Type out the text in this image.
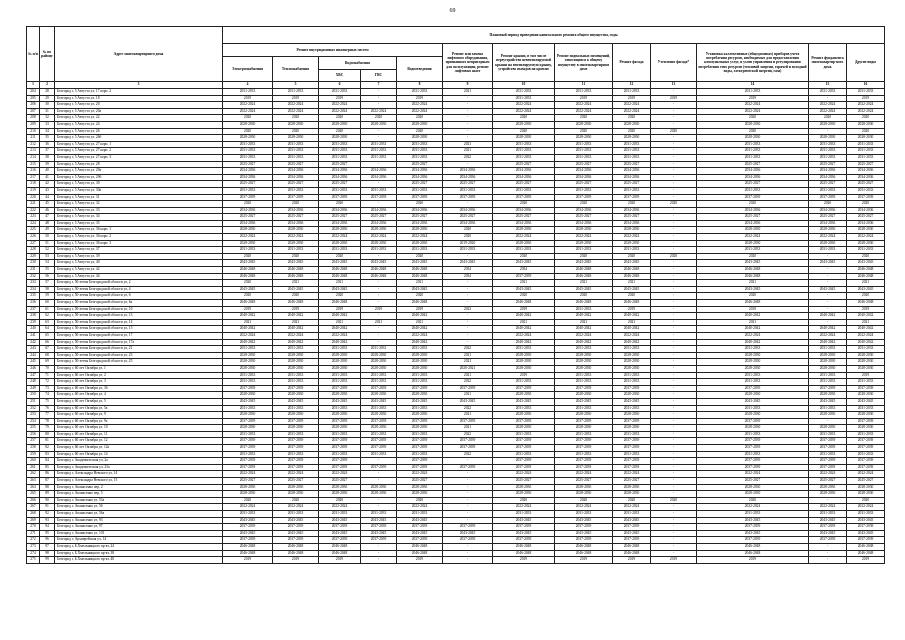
69
№ п/п	№ по району	Адрес многоквартирного дома	Плановый период проведения капитального ремонта общего имущества, годы												
			Ремонт внутридомовых инженерных систем					Ремонт или замена лифтового оборудования, признанного непригодным для эксплуатации, ремонт лифтовых шахт	Ремонт крыши, в том числе переустройство невентилируемой крыши на вентилируемую крышу, устройство выходов на кровлю	Ремонт подвальных помещений, относящихся к общему имуществу в многоквартирном доме	Ремонт фасада	Утепление фасада*	Установка коллективных (общедомовых) приборов учета потребления ресурсов, необходимых для предоставления коммунальных услуг, и узлов управления и регулирования потребления этих ресурсов (тепловой энергии, горячей и холодной воды, электрической энергии, газа)	Ремонт фундамента многоквартир-ного дома	Другие виды
			Электроснабжения	Теплоснабжения	Водоснабжения		Водоотведения								
					ХВС	ГВС									
1	2	3	4	5	6	7	8	9	10	11	12	13	14	15	16
204	28	Белгород г, 5 Августа ул, 17 корп. 2	2031-2033	2031-2033	2031-2033	-	2031-2033	2021	2031-2033	2031-2033	2031-2033	-	2031-2033	2031-2033	2031-2033
205	29	Белгород г, 5 Августа ул, 18	2019	2019	2019	-	2019	-	2031-2033	2019	2019	2019	2019	-	2019
206	30	Белгород г, 5 Августа ул, 20	2022-2024	2022-2024	2022-2024	-	2022-2024	-	2022-2024	2022-2024	2022-2024	-	2022-2024	2022-2024	2022-2024
207	31	Белгород г, 5 Августа ул, 20а	2022-2024	2022-2024	2022-2024	2022-2024	2022-2024	-	2022-2024	2022-2024	2022-2024	-	2022-2024	2022-2024	2022-2024
208	32	Белгород г, 5 Августа ул, 22	2020	2020	2020	2020	2020	-	2020	2020	2020	-	2020	2020	2020
209	33	Белгород г, 5 Августа ул, 24	2028-2030	2028-2030	2028-2030	2028-2030	2028-2030	-	2028-2030	2028-2030	2028-2030	-	2028-2030	2028-2030	2028-2030
210	34	Белгород г, 5 Августа ул, 26	2020	2020	2020	-	2020	-	2020	2020	2020	2020	2020	-	2020
211	35	Белгород г, 5 Августа ул, 26б	2028-2030	2028-2030	2028-2030	-	2028-2030	-	2028-2030	2028-2030	2028-2030	-	2028-2030	2028-2030	2028-2030
212	36	Белгород г, 5 Августа ул, 27 корп. 1	2031-2033	2031-2033	2031-2033	2031-2033	2031-2033	2021	2031-2033	2031-2033	2031-2033	-	2031-2033	2031-2033	2031-2033
213	37	Белгород г, 5 Августа ул, 27 корп. 2	2031-2033	2031-2033	2031-2033	2031-2033	2031-2033	2021	2031-2033	2031-2033	2031-2033	-	2031-2033	2031-2033	2031-2033
214	38	Белгород г, 5 Августа ул, 27 корп. 3	2031-2033	2031-2033	2031-2033	2031-2033	2031-2033	2022	2031-2033	2031-2033	2031-2033	-	2031-2033	2031-2033	2031-2033
215	39	Белгород г, 5 Августа ул, 28	2025-2027	2025-2027	2025-2027	-	2025-2027	-	2025-2027	2025-2027	2025-2027	-	2025-2027	2025-2027	2025-2027
216	40	Белгород г, 5 Августа ул, 29а	2034-2036	2034-2036	2034-2036	2034-2036	2034-2036	2034-2036	2034-2036	2034-2036	2034-2036	-	2034-2036	2034-2036	2034-2036
217	41	Белгород г, 5 Августа ул, 29б	2034-2036	2034-2036	2034-2036	2034-2036	2034-2036	2034-2036	2034-2036	2034-2036	2034-2036	-	2034-2036	2034-2036	2034-2036
218	42	Белгород г, 5 Августа ул, 30	2025-2027	2025-2027	2025-2027	-	2025-2027	2025-2027	2025-2027	2025-2027	2025-2027	-	2025-2027	2025-2027	2025-2027
219	43	Белгород г, 5 Августа ул, 30а	2031-2033	2031-2033	2031-2033	2031-2033	2031-2033	2031-2033	2031-2033	2031-2033	2031-2033	-	2031-2033	2031-2033	2031-2033
220	44	Белгород г, 5 Августа ул, 31	2037-2039	2037-2039	2037-2039	2037-2039	2037-2039	2037-2039	2037-2039	2037-2039	2037-2039	-	2037-2039	2037-2039	2037-2039
221	45	Белгород г, 5 Августа ул, 32	2020	2020	2020	-	2020	-	2020	2020	2020	2020	2020	2020	2020
222	46	Белгород г, 5 Августа ул, 33	2034-2036	2034-2036	2034-2036	2034-2036	2034-2036	2034-2036	2034-2036	2034-2036	2034-2036	-	2034-2036	2034-2036	2034-2036
223	47	Белгород г, 5 Августа ул, 34	2025-2027	2025-2027	2025-2027	2025-2027	2025-2027	2025-2027	2025-2027	2025-2027	2025-2027	-	2025-2027	2025-2027	2025-2027
224	48	Белгород г, 5 Августа ул, 35	2034-2036	2034-2036	2034-2036	2034-2036	2034-2036	2034-2036	2034-2036	2034-2036	2034-2036	-	2034-2036	2034-2036	2034-2036
225	49	Белгород г, 5 Августа ул, 36 корп. 1	2028-2030	2028-2030	2028-2030	2028-2030	2028-2030	2020	2028-2030	2028-2030	2028-2030	-	2028-2030	2028-2030	2028-2030
226	50	Белгород г, 5 Августа ул, 36 корп. 2	2022-2024	2022-2024	2022-2024	2022-2024	2022-2024	2020	2022-2024	2022-2024	2022-2024	-	2022-2024	2022-2024	2022-2024
227	51	Белгород г, 5 Августа ул, 36 корп. 3	2028-2030	2028-2030	2028-2030	2028-2030	2028-2030	2019-2020	2028-2030	2028-2030	2028-2030	-	2028-2030	2028-2030	2028-2030
228	52	Белгород г, 5 Августа ул, 37	2031-2033	2031-2033	2031-2033	2031-2033	2031-2033	2031-2033	2031-2033	2031-2033	2031-2033	-	2031-2033	2031-2033	2031-2033
229	53	Белгород г, 5 Августа ул, 39	2020	2020	2020	-	2020	-	2020	2020	2020	2020	2020	-	2020
230	54	Белгород г, 5 Августа ул, 40	2043-2045	2043-2045	2043-2045	2043-2045	2043-2045	2043-2045	2043-2045	2043-2045	2043-2045	-	2043-2045	2043-2045	2043-2045
231	55	Белгород г, 5 Августа ул, 42	2046-2048	2046-2048	2046-2048	2046-2048	2046-2048	2034	2034	2046-2048	2046-2048	-	2046-2048	-	2046-2048
232	56	Белгород г, 5 Августа ул, 44	2046-2048	2046-2048	2046-2048	2046-2048	2046-2048	2034	2037-2039	2046-2048	2046-2048	-	2046-2048	-	2046-2048
233	57	Белгород г, 50-летия Белгородской области ул, 2	2020	2021	2021	-	2021	-	2021	2021	2021	-	2021	-	2021
234	58	Белгород г, 50-летия Белгородской области ул, 4	2043-2045	2043-2045	2043-2045	-	2043-2045	-	2043-2045	2043-2045	2043-2045	-	2043-2045	2043-2045	2043-2045
235	59	Белгород г, 50-летия Белгородской области ул, 6	2020	2020	2020	-	2020	-	2020	2020	2020	-	2020	-	2020
236	60	Белгород г, 50-летия Белгородской области ул, 6а	2046-2048	2046-2048	2046-2048	-	2046-2048	-	2046-2048	2046-2048	2046-2048	-	2046-2048	-	2046-2048
237	61	Белгород г, 50-летия Белгородской области ул, 10	2019	2019	2019	2019	2019	2023	2019	2031-2033	2019	-	2019	-	2019
238	62	Белгород г, 50-летия Белгородской области ул, 13	2040-2042	2040-2042	2040-2042	-	2040-2042	-	2040-2042	2040-2042	2040-2042	-	2040-2042	2040-2042	2040-2042
239	63	Белгород г, 50-летия Белгородской области ул, 14	2021	2021	2021	2021	2021	-	2021	2021	2021	-	2021	-	2021
240	64	Белгород г, 50-летия Белгородской области ул, 15	2040-2042	2040-2042	2040-2042	-	2040-2042	-	2040-2042	2040-2042	2040-2042	-	2040-2042	2040-2042	2040-2042
241	65	Белгород г, 50-летия Белгородской области ул, 17	2022-2024	2022-2024	2022-2024	-	2022-2024	-	2022-2024	2022-2024	2022-2024	-	2022-2024	2022-2024	2022-2024
242	66	Белгород г, 50-летия Белгородской области ул, 17а	2040-2042	2040-2042	2040-2042	-	2040-2042	-	2040-2042	2040-2042	2040-2042	-	2040-2042	2040-2042	2040-2042
243	67	Белгород г, 50-летия Белгородской области ул, 21	2031-2033	2031-2033	2031-2033	2031-2033	2031-2033	2022	2031-2033	2031-2033	2031-2033	-	2031-2033	2031-2033	2031-2033
244	68	Белгород г, 50-летия Белгородской области ул, 23	2028-2030	2028-2030	2028-2030	2028-2030	2028-2030	2021	2028-2030	2028-2030	2028-2030	-	2028-2030	2028-2030	2028-2030
245	69	Белгород г, 50-летия Белгородской области ул, 25	2028-2030	2028-2030	2028-2030	2028-2030	2028-2030	2021	2028-2030	2028-2030	2028-2030	-	2028-2030	2028-2030	2028-2030
246	70	Белгород г, 60 лет Октября ул, 1	2028-2030	2028-2030	2028-2030	2028-2030	2028-2030	2020-2021	2028-2030	2028-2030	2028-2030	-	2028-2030	2028-2030	2028-2030
247	71	Белгород г, 60 лет Октября ул, 2	2031-2033	2031-2033	2031-2033	2031-2033	2031-2033	2021	2019	2031-2033	2031-2033	-	2031-2033	2031-2033	2019
248	72	Белгород г, 60 лет Октября ул, 3	2031-2033	2031-2033	2031-2033	2031-2033	2031-2033	2022	2031-2033	2031-2033	2031-2033	-	2031-2033	2031-2033	2031-2033
249	73	Белгород г, 60 лет Октября ул, 3б	2037-2039	2037-2039	2037-2039	2037-2039	2037-2039	2037-2039	2037-2039	2037-2039	2037-2039	-	2037-2039	2037-2039	2037-2039
250	74	Белгород г, 60 лет Октября ул, 4	2028-2030	2028-2030	2028-2030	2028-2030	2028-2030	2021	2028-2030	2028-2030	2028-2030	-	2028-2030	2028-2030	2028-2030
251	75	Белгород г, 60 лет Октября ул, 5	2043-2045	2043-2045	2043-2045	2043-2045	2043-2045	2043-2045	2043-2045	2043-2045	2043-2045	-	2043-2045	2043-2045	2043-2045
252	76	Белгород г, 60 лет Октября ул, 5а	2031-2033	2031-2033	2031-2033	2031-2033	2031-2033	2022	2031-2033	2031-2033	2031-2033	-	2031-2033	2031-2033	2031-2033
253	77	Белгород г, 60 лет Октября ул, 9	2028-2030	2028-2030	2028-2030	2028-2030	2028-2030	2021	2028-2030	2028-2030	2028-2030	-	2028-2030	2028-2030	2028-2030
254	78	Белгород г, 60 лет Октября ул, 9а	2037-2039	2037-2039	2037-2039	2037-2039	2037-2039	2037-2039	2037-2039	2037-2039	2037-2039	-	2037-2039	-	2037-2039
255	79	Белгород г, 60 лет Октября ул, 10	2028-2030	2028-2030	2028-2030	2028-2030	2028-2030	2021	2028-2030	2028-2030	2028-2030	-	2028-2030	2028-2030	2028-2030
256	80	Белгород г, 60 лет Октября ул, 11	2031-2033	2031-2033	2031-2033	2031-2033	2031-2033	2022	2031-2033	2031-2033	2031-2033	-	2031-2033	2031-2033	2031-2033
257	81	Белгород г, 60 лет Октября ул, 12	2037-2039	2037-2039	2037-2039	2037-2039	2037-2039	2037-2039	2037-2039	2037-2039	2037-2039	-	2037-2039	2037-2039	2037-2039
258	82	Белгород г, 60 лет Октября ул, 12а	2037-2039	2037-2039	2037-2039	2037-2039	2037-2039	2037-2039	2037-2039	2037-2039	2037-2039	-	2037-2039	2037-2039	2037-2039
259	83	Белгород г, 60 лет Октября ул, 14	2031-2033	2031-2033	2031-2033	2031-2033	2031-2033	2022	2031-2033	2031-2033	2031-2033	-	2031-2033	2031-2033	2031-2033
260	84	Белгород г, Академическая ул, 2а	2037-2039	2037-2039	2037-2039	-	2037-2039	-	2037-2039	2037-2039	2037-2039	-	2037-2039	2037-2039	2037-2039
261	85	Белгород г, Академическая ул, 23а	2037-2039	2037-2039	2037-2039	2037-2039	2037-2039	2037-2039	2037-2039	2037-2039	2037-2039	-	2037-2039	2037-2039	2037-2039
262	86	Белгород г, Александра Невского ул, 14	2022-2024	2022-2024	2022-2024	-	2022-2024	-	2022-2024	2022-2024	2022-2024	-	2022-2024	2022-2024	2022-2024
263	87	Белгород г, Александра Невского ул, 15	2025-2027	2025-2027	2025-2027	-	2025-2027	-	2025-2027	2025-2027	2025-2027	-	2025-2027	2025-2027	2025-2027
264	88	Белгород г, Апанасенко пер, 2	2028-2030	2028-2030	2028-2030	2028-2030	2028-2030	-	2028-2030	2028-2030	2028-2030	-	2028-2030	2028-2030	2028-2030
265	89	Белгород г, Апанасенко пер, 5	2028-2030	2028-2030	2028-2030	2028-2030	2028-2030	-	2028-2030	2028-2030	2028-2030	-	2028-2030	2028-2030	2028-2030
266	90	Белгород г, Апанасенко ул, 53а	2020	2020	2020	-	2020	-	2020	2020	2020	2020	2020	-	2020
267	91	Белгород г, Апанасенко ул, 56	2022-2024	2022-2024	2022-2024	-	2022-2024	-	2022-2024	2022-2024	2022-2024	-	2022-2024	2022-2024	2022-2024
268	92	Белгород г, Апанасенко ул, 56а	2031-2033	2031-2033	2031-2033	2031-2033	2031-2033	-	2031-2033	2031-2033	2031-2033	-	2031-2033	2031-2033	2031-2033
269	93	Белгород г, Апанасенко ул, 93	2043-2045	2043-2045	2043-2045	2043-2045	2043-2045	-	2043-2045	2043-2045	2043-2045	-	2043-2045	2043-2045	2043-2045
270	94	Белгород г, Апанасенко ул, 97	2037-2039	2037-2039	2037-2039	2037-2039	2037-2039	2037-2039	2037-2039	2037-2039	2037-2039	-	2037-2039	2037-2039	2037-2039
271	95	Белгород г, Апанасенко ул, 101	2043-2045	2043-2045	2043-2045	2043-2045	2043-2045	2043-2045	2043-2045	2043-2045	2043-2045	-	2043-2045	2043-2045	2043-2045
272	96	Белгород г, Архиерейская ул, 14	2037-2039	2037-2039	2037-2039	2037-2039	2037-2039	2037-2039	2037-2039	2037-2039	2037-2039	-	2037-2039	2037-2039	2037-2039
273	97	Белгород г, Б.Хмельницкого пр-кт, 24	2046-2048	2046-2048	2046-2048	-	2046-2048	-	2046-2048	2046-2048	2046-2048	-	2046-2048	-	2046-2048
274	98	Белгород г, Б.Хмельницкого пр-кт, 38	2046-2048	2046-2048	2046-2048	-	2046-2048	-	2046-2048	2046-2048	2046-2048	-	2046-2048	-	2046-2048
275	99	Белгород г, Б.Хмельницкого пр-кт, 40	2019	2019	2019	-	2019	-	2019	2019	2019	2019	2019	-	2019
